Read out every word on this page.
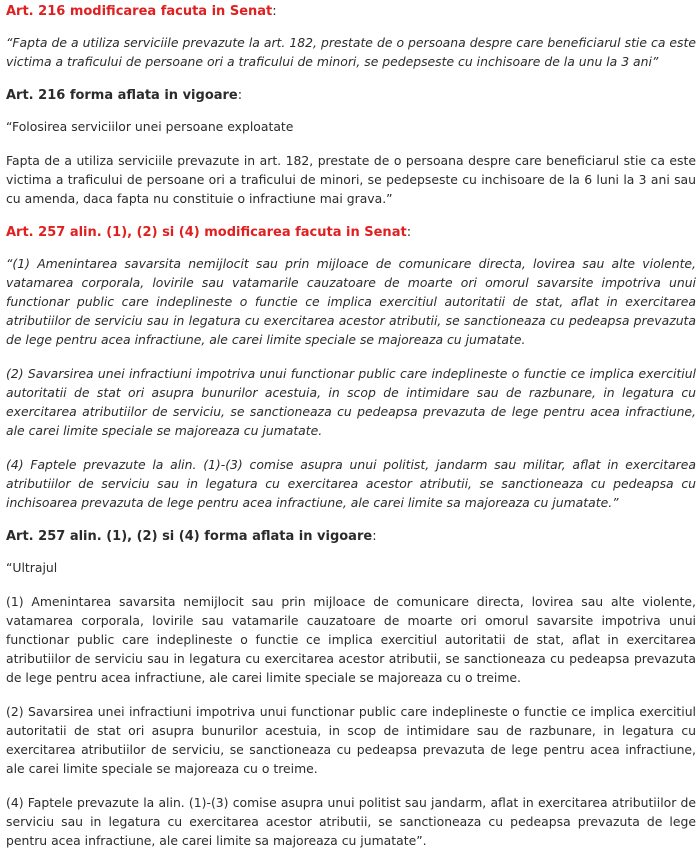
Art. 216 modificarea facuta in Senat:

“Fapta de a utiliza serviciile prevazute la art. 182, prestate de o persoana despre care beneficiarul stie ca este victima a traficului de persoane ori a traficului de minori, se pedepseste cu inchisoare de la unu la 3 ani”

Art. 216 forma aflata in vigoare:

“Folosirea serviciilor unei persoane exploatate

Fapta de a utiliza serviciile prevazute in art. 182, prestate de o persoana despre care beneficiarul stie ca este victima a traficului de persoane ori a traficului de minori, se pedepseste cu inchisoare de la 6 luni la 3 ani sau cu amenda, daca fapta nu constituie o infractiune mai grava.”

Art. 257 alin. (1), (2) si (4) modificarea facuta in Senat:

“(1) Amenintarea savarsita nemijlocit sau prin mijloace de comunicare directa, lovirea sau alte violente, vatamarea corporala, lovirile sau vatamarile cauzatoare de moarte ori omorul savarsite impotriva unui functionar public care indeplineste o functie ce implica exercitiul autoritatii de stat, aflat in exercitarea atributiilor de serviciu sau in legatura cu exercitarea acestor atributii, se sanctioneaza cu pedeapsa prevazuta de lege pentru acea infractiune, ale carei limite speciale se majoreaza cu jumatate.

(2) Savarsirea unei infractiuni impotriva unui functionar public care indeplineste o functie ce implica exercitiul autoritatii de stat ori asupra bunurilor acestuia, in scop de intimidare sau de razbunare, in legatura cu exercitarea atributiilor de serviciu, se sanctioneaza cu pedeapsa prevazuta de lege pentru acea infractiune, ale carei limite speciale se majoreaza cu jumatate.

(4) Faptele prevazute la alin. (1)-(3) comise asupra unui politist, jandarm sau militar, aflat in exercitarea atributiilor de serviciu sau in legatura cu exercitarea acestor atributii, se sanctioneaza cu pedeapsa cu inchisoarea prevazuta de lege pentru acea infractiune, ale carei limite sa majoreaza cu jumatate.”

Art. 257 alin. (1), (2) si (4) forma aflata in vigoare:

“Ultrajul

(1) Amenintarea savarsita nemijlocit sau prin mijloace de comunicare directa, lovirea sau alte violente, vatamarea corporala, lovirile sau vatamarile cauzatoare de moarte ori omorul savarsite impotriva unui functionar public care indeplineste o functie ce implica exercitiul autoritatii de stat, aflat in exercitarea atributiilor de serviciu sau in legatura cu exercitarea acestor atributii, se sanctioneaza cu pedeapsa prevazuta de lege pentru acea infractiune, ale carei limite speciale se majoreaza cu o treime.

(2) Savarsirea unei infractiuni impotriva unui functionar public care indeplineste o functie ce implica exercitiul autoritatii de stat ori asupra bunurilor acestuia, in scop de intimidare sau de razbunare, in legatura cu exercitarea atributiilor de serviciu, se sanctioneaza cu pedeapsa prevazuta de lege pentru acea infractiune, ale carei limite speciale se majoreaza cu o treime.

(4) Faptele prevazute la alin. (1)-(3) comise asupra unui politist sau jandarm, aflat in exercitarea atributiilor de serviciu sau in legatura cu exercitarea acestor atributii, se sanctioneaza cu pedeapsa prevazuta de lege pentru acea infractiune, ale carei limite sa majoreaza cu jumatate”.
